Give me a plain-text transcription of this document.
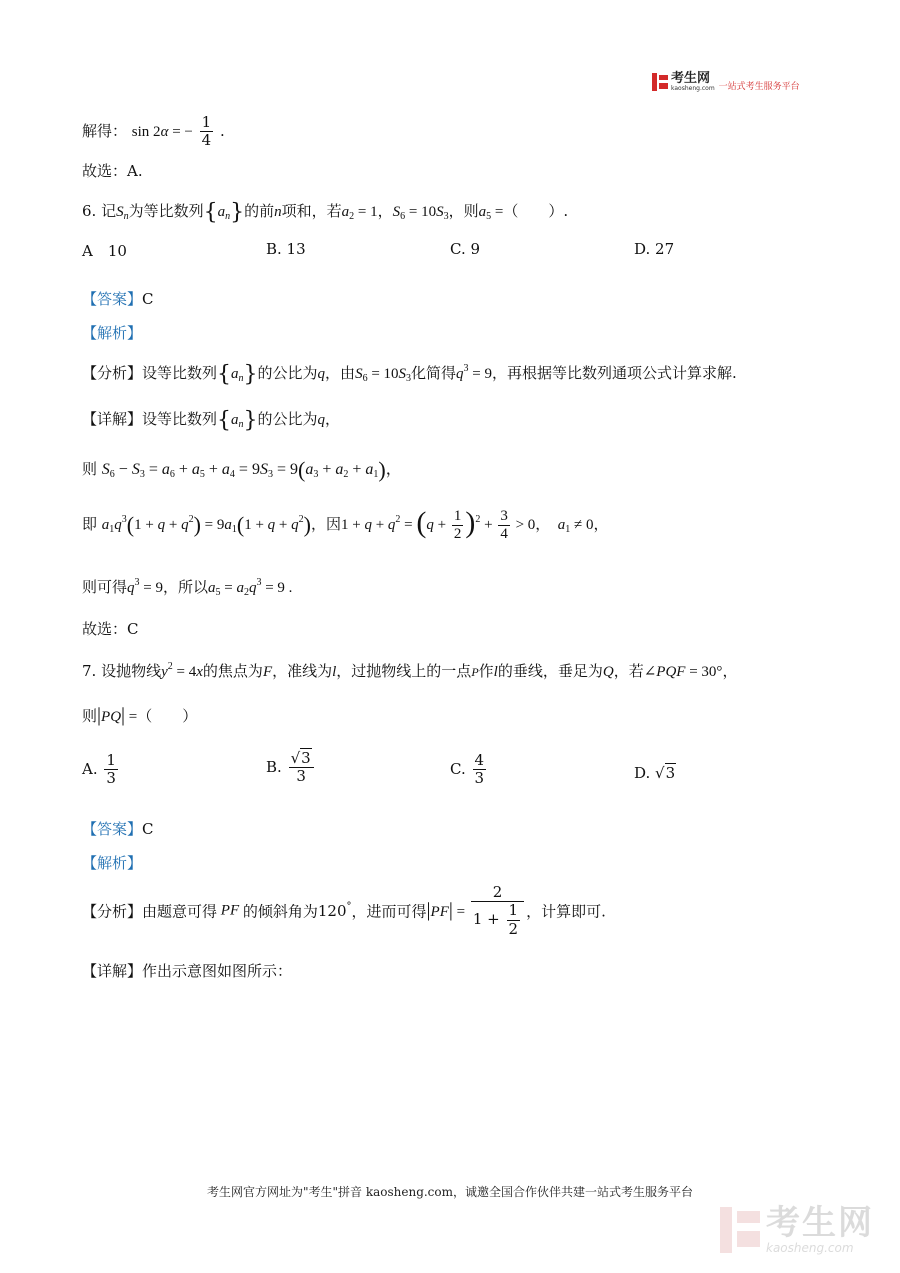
考生网
kaosheng.com 一站式考生服务平台
解得： sin 2α = − $\frac{1}{4}$ .
故选：A.
6. 记$S_n$为等比数列$\{a_n\}$的前n项和，若$a_2 = 1$，$S_6 = 10S_3$，则$a_5$ =（　　）.
A　10	B. 13	C. 9	D. 27
【答案】C
【解析】
【分析】设等比数列$\{a_n\}$的公比为q，由$S_6 = 10S_3$化简得$q^3 = 9$，再根据等比数列通项公式计算求解.
【详解】设等比数列$\{a_n\}$的公比为q，
则 $S_6 - S_3 = a_6 + a_5 + a_4 = 9S_3 = 9(a_3 + a_2 + a_1)$，
即 $a_1q^3(1 + q + q^2) = 9a_1(1 + q + q^2)$，因$1 + q + q^2 = (q + \frac{1}{2} )^2 + \frac{3}{4} > 0$，　$a_1 \ne 0$，
则可得$q^3 = 9$，所以$a_5 = a_2q^3 = 9$ .
故选：C
7. 设抛物线$y^2 = 4x$的焦点为F，准线为l，过抛物线上的一点P作l的垂线，垂足为Q，若∠PQF = 30°，
则|PQ| =（　　）
A. $\frac{1}{3}$	B. $\frac{√3}{3}$	C. $\frac{4}{3}$	D. √3
【答案】C
【解析】
【分析】由题意可得 PF 的倾斜角为120°，进而可得$|PF| = \frac{2}{1 + \frac{1}{2}}$ ，计算即可.
【详解】作出示意图如图所示：
考生网官方网址为"考生"拼音 kaosheng.com，诚邀全国合作伙伴共建一站式考生服务平台
考生网
kaosheng.com
